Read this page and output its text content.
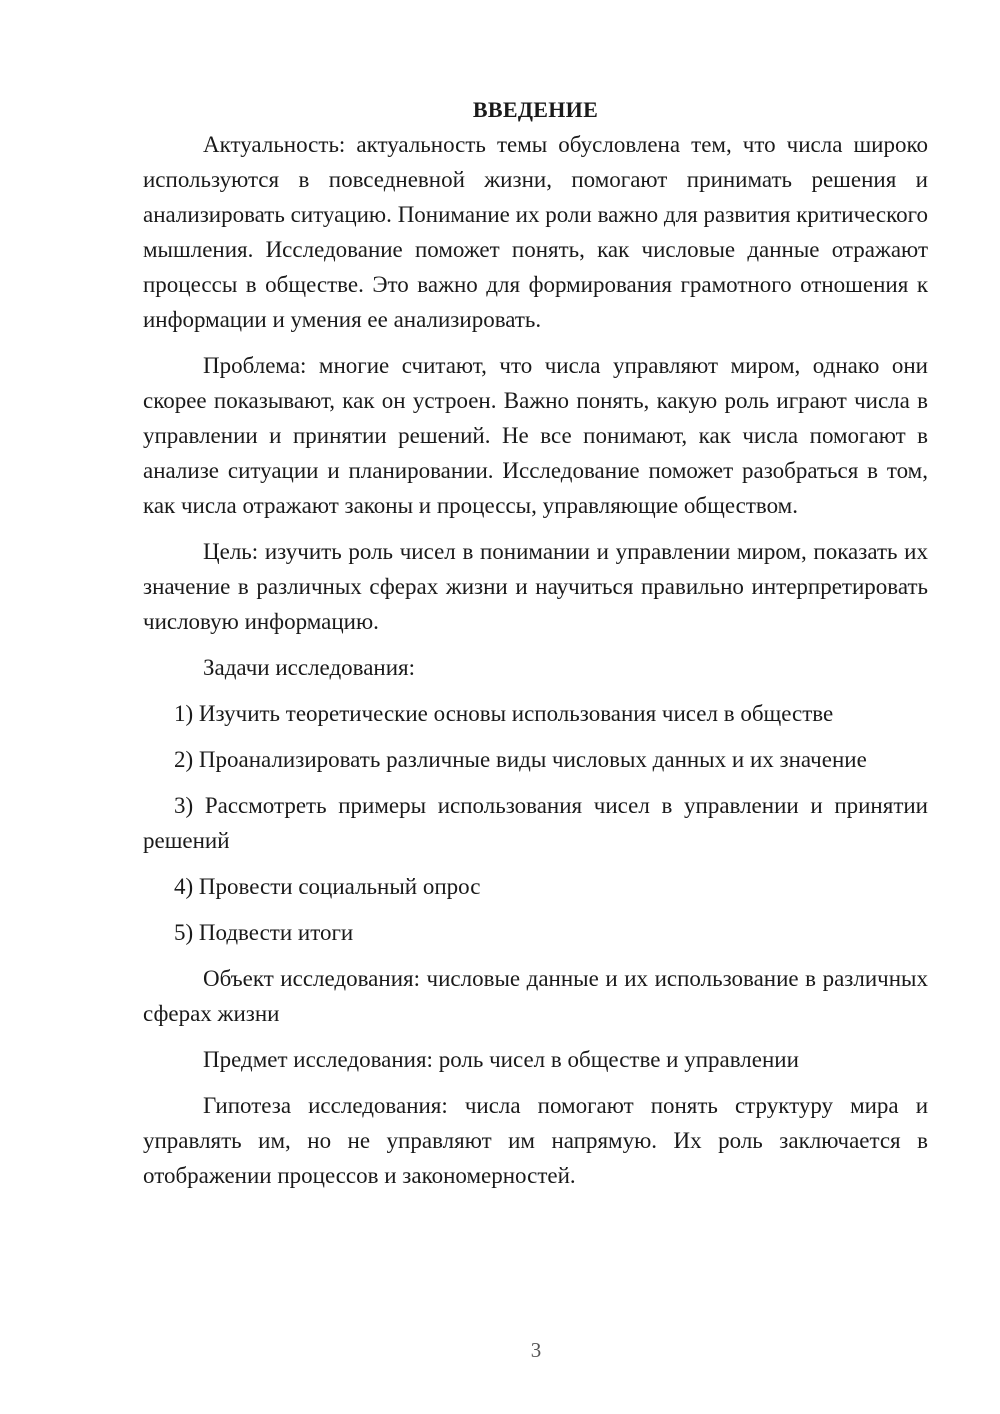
ВВЕДЕНИЕ

Актуальность: актуальность темы обусловлена тем, что числа широко используются в повседневной жизни, помогают принимать решения и анализировать ситуацию. Понимание их роли важно для развития критического мышления. Исследование поможет понять, как числовые данные отражают процессы в обществе. Это важно для формирования грамотного отношения к информации и умения ее анализировать.

Проблема: многие считают, что числа управляют миром, однако они скорее показывают, как он устроен. Важно понять, какую роль играют числа в управлении и принятии решений. Не все понимают, как числа помогают в анализе ситуации и планировании. Исследование поможет разобраться в том, как числа отражают законы и процессы, управляющие обществом.

Цель: изучить роль чисел в понимании и управлении миром, показать их значение в различных сферах жизни и научиться правильно интерпретировать числовую информацию.

Задачи исследования:

1) Изучить теоретические основы использования чисел в обществе

2) Проанализировать различные виды числовых данных и их значение

3) Рассмотреть примеры использования чисел в управлении и принятии решений

4) Провести социальный опрос

5) Подвести итоги

Объект исследования: числовые данные и их использование в различных сферах жизни

Предмет исследования: роль чисел в обществе и управлении

Гипотеза исследования: числа помогают понять структуру мира и управлять им, но не управляют им напрямую. Их роль заключается в отображении процессов и закономерностей.

3
